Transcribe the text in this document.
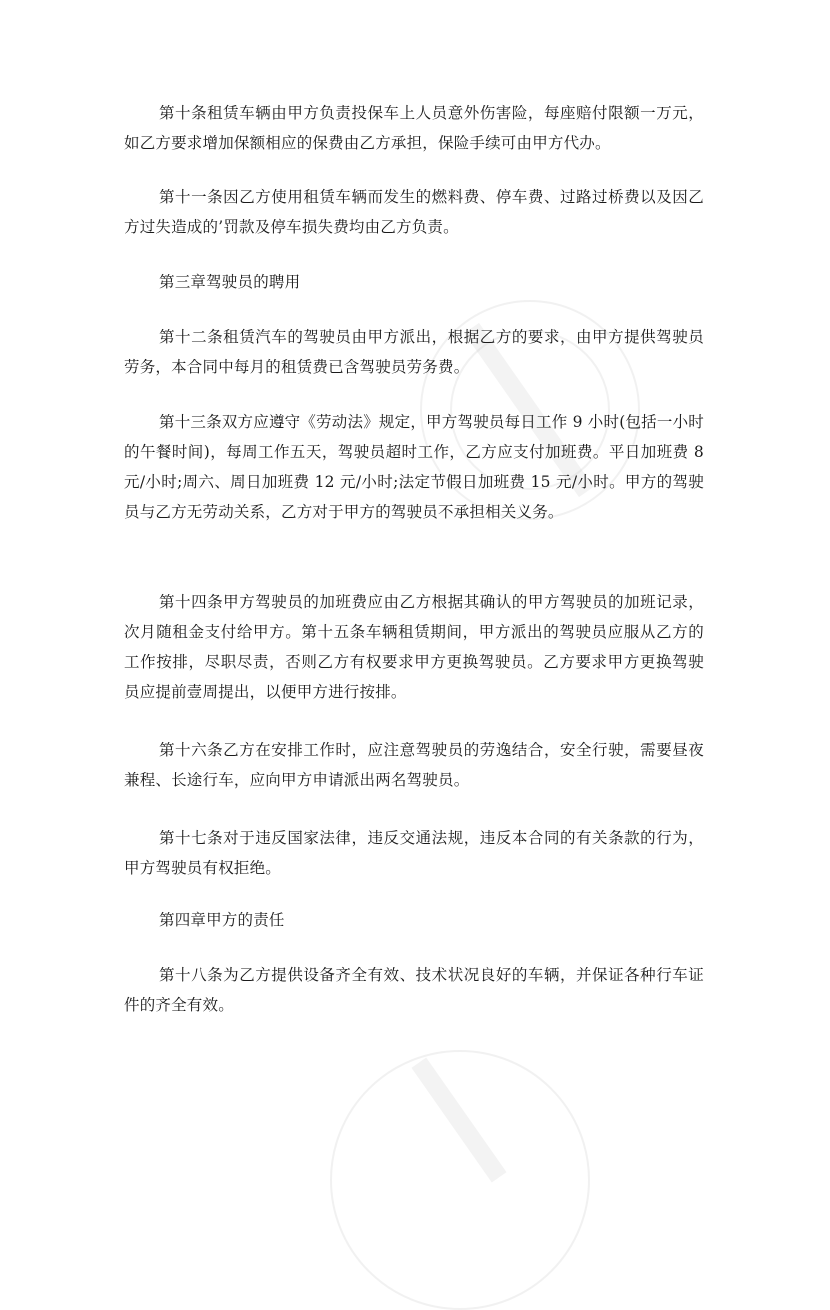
第十条租赁车辆由甲方负责投保车上人员意外伤害险，每座赔付限额一万元，如乙方要求增加保额相应的保费由乙方承担，保险手续可由甲方代办。

第十一条因乙方使用租赁车辆而发生的燃料费、停车费、过路过桥费以及因乙方过失造成的’罚款及停车损失费均由乙方负责。

第三章驾驶员的聘用

第十二条租赁汽车的驾驶员由甲方派出，根据乙方的要求，由甲方提供驾驶员劳务，本合同中每月的租赁费已含驾驶员劳务费。

第十三条双方应遵守《劳动法》规定，甲方驾驶员每日工作 9 小时(包括一小时的午餐时间)，每周工作五天，驾驶员超时工作，乙方应支付加班费。平日加班费 8 元/小时;周六、周日加班费 12 元/小时;法定节假日加班费 15 元/小时。甲方的驾驶员与乙方无劳动关系，乙方对于甲方的驾驶员不承担相关义务。

第十四条甲方驾驶员的加班费应由乙方根据其确认的甲方驾驶员的加班记录，次月随租金支付给甲方。第十五条车辆租赁期间，甲方派出的驾驶员应服从乙方的工作按排，尽职尽责，否则乙方有权要求甲方更换驾驶员。乙方要求甲方更换驾驶员应提前壹周提出，以便甲方进行按排。

第十六条乙方在安排工作时，应注意驾驶员的劳逸结合，安全行驶，需要昼夜兼程、长途行车，应向甲方申请派出两名驾驶员。

第十七条对于违反国家法律，违反交通法规，违反本合同的有关条款的行为，甲方驾驶员有权拒绝。

第四章甲方的责任

第十八条为乙方提供设备齐全有效、技术状况良好的车辆，并保证各种行车证件的齐全有效。
